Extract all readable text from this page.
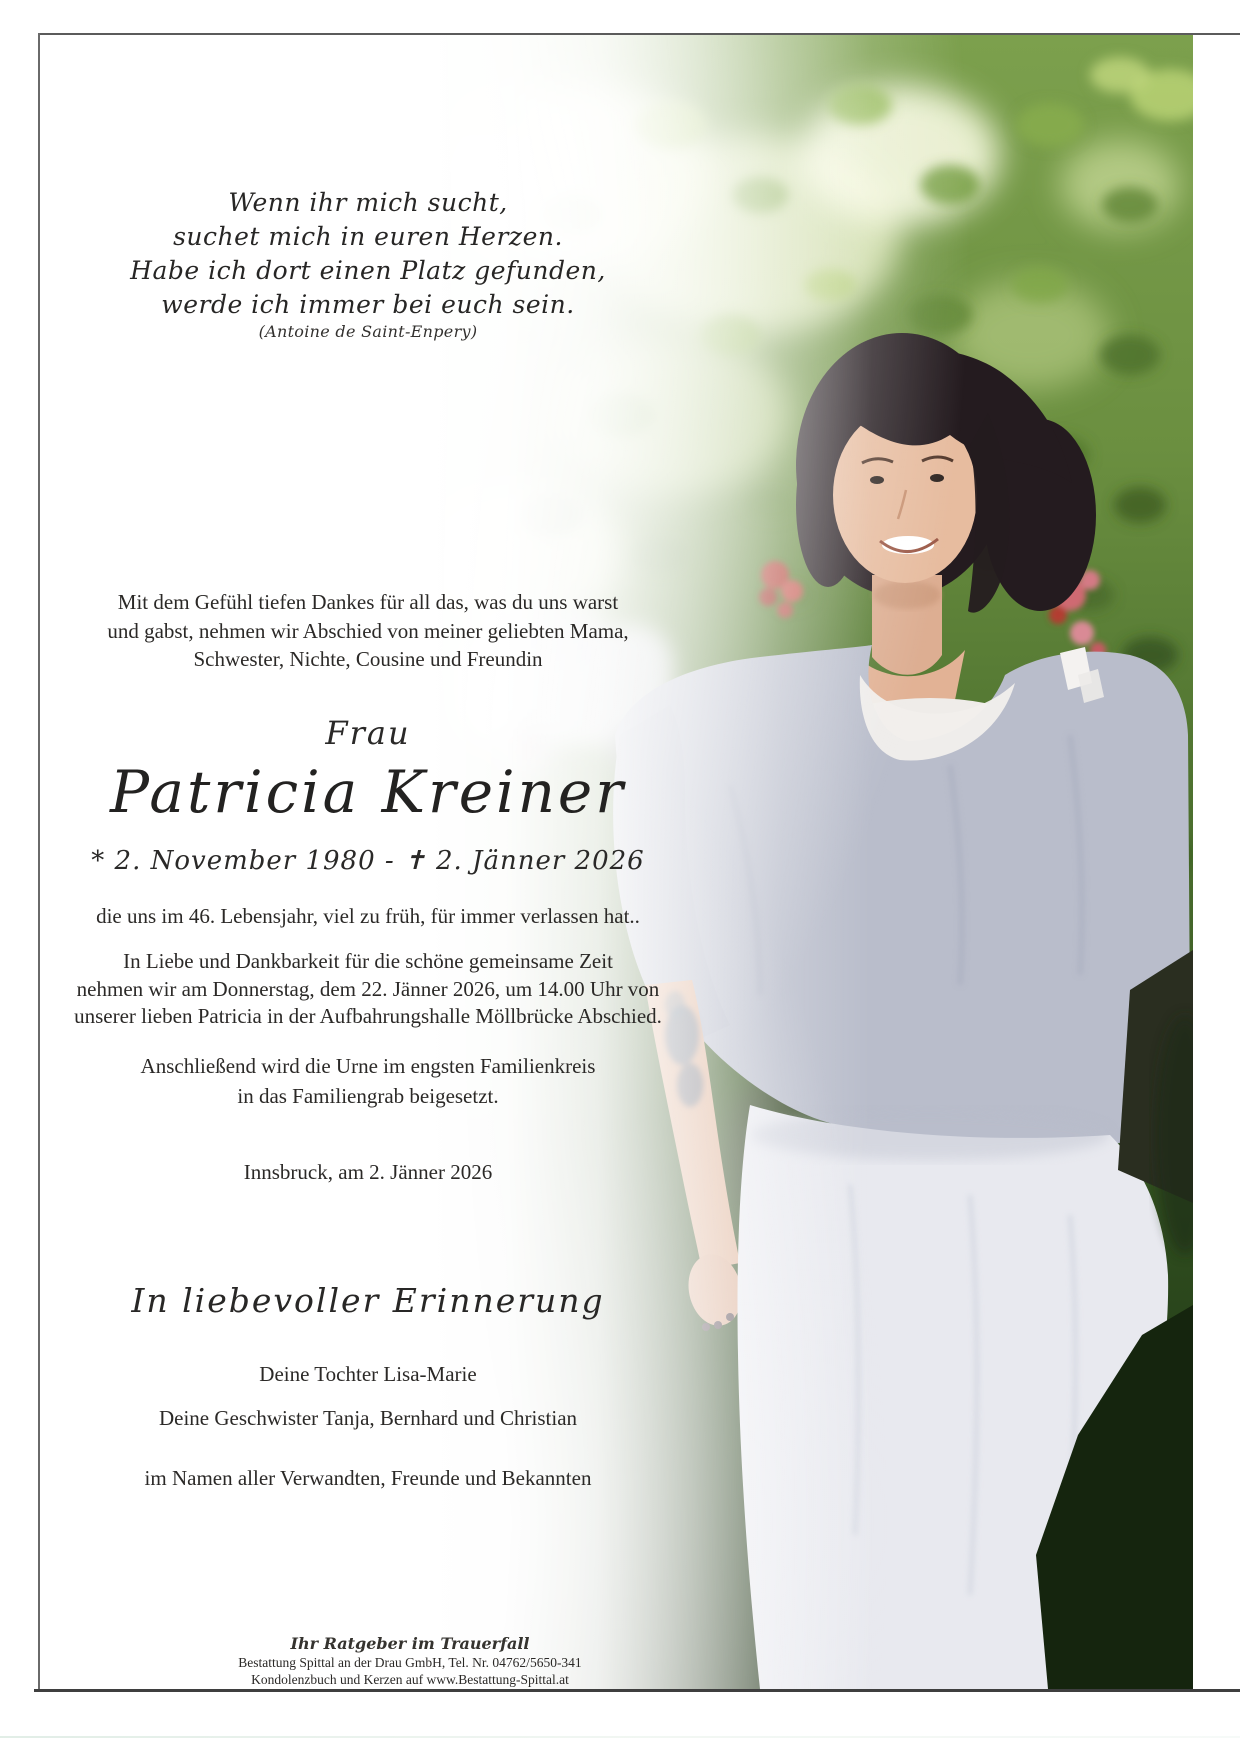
Wenn ihr mich sucht,
suchet mich in euren Herzen.
Habe ich dort einen Platz gefunden,
werde ich immer bei euch sein.
(Antoine de Saint-Enpery)
Mit dem Gefühl tiefen Dankes für all das, was du uns warst
und gabst, nehmen wir Abschied von meiner geliebten Mama,
Schwester, Nichte, Cousine und Freundin
Frau
Patricia Kreiner
* 2. November 1980 - ✝ 2. Jänner 2026
die uns im 46. Lebensjahr, viel zu früh, für immer verlassen hat..
In Liebe und Dankbarkeit für die schöne gemeinsame Zeit
nehmen wir am Donnerstag, dem 22. Jänner 2026, um 14.00 Uhr von
unserer lieben Patricia in der Aufbahrungshalle Möllbrücke Abschied.
Anschließend wird die Urne im engsten Familienkreis
in das Familiengrab beigesetzt.
Innsbruck, am 2. Jänner 2026
In liebevoller Erinnerung
Deine Tochter Lisa-Marie
Deine Geschwister Tanja, Bernhard und Christian
im Namen aller Verwandten, Freunde und Bekannten
Ihr Ratgeber im Trauerfall
Bestattung Spittal an der Drau GmbH, Tel. Nr. 04762/5650-341
Kondolenzbuch und Kerzen auf www.Bestattung-Spittal.at
